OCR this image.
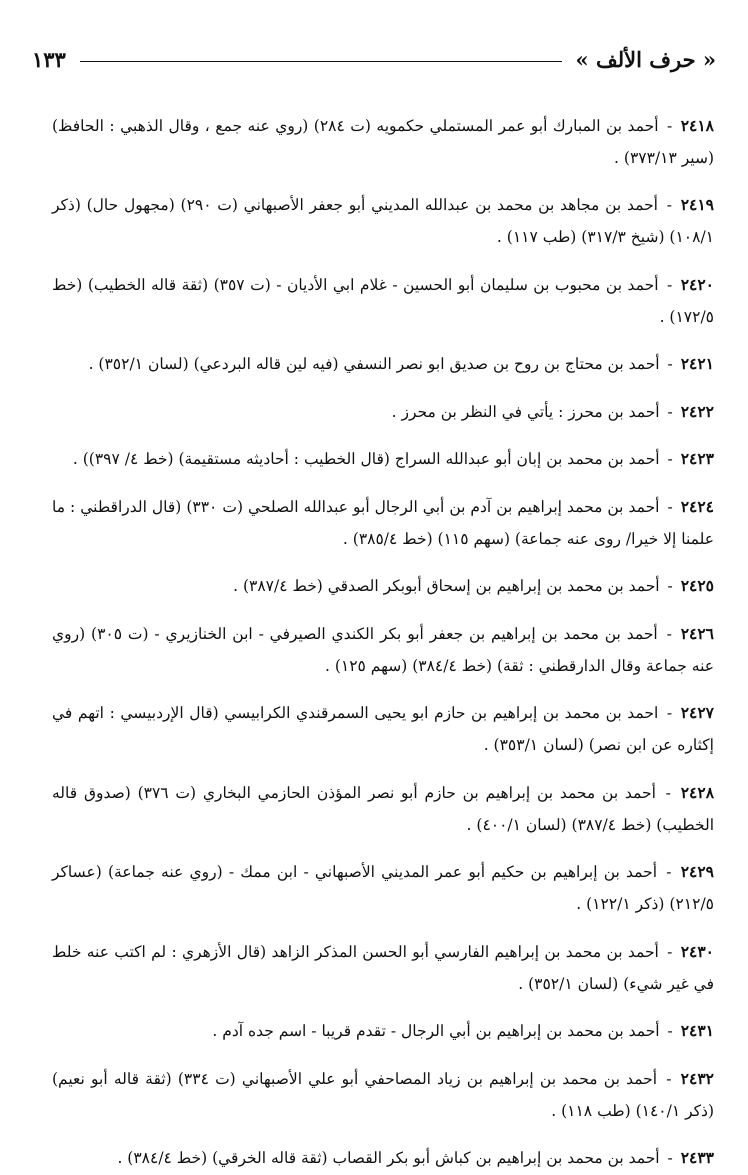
« حرف الألف »
١٣٣

٢٤١٨ - أحمد بن المبارك أبو عمر المستملي حكمويه (ت ٢٨٤) (روي عنه جمع ، وقال الذهبي : الحافظ) (سير ٣٧٣/١٣) .

٢٤١٩ - أحمد بن مجاهد بن محمد بن عبدالله المديني أبو جعفر الأصبهاني (ت ٢٩٠) (مجهول حال) (ذكر ١٠٨/١) (شيخ ٣١٧/٣) (طب ١١٧) .

٢٤٢٠ - أحمد بن محبوب بن سليمان أبو الحسين - غلام ابي الأديان - (ت ٣٥٧) (ثقة قاله الخطيب) (خط ١٧٢/٥) .

٢٤٢١ - أحمد بن محتاج بن روح بن صديق ابو نصر النسفي (فيه لين قاله البردعي) (لسان ٣٥٢/١) .

٢٤٢٢ - أحمد بن محرز : يأتي في النظر بن محرز .

٢٤٢٣ - أحمد بن محمد بن إبان أبو عبدالله السراج (قال الخطيب : أحاديثه مستقيمة) (خط ٤/ ٣٩٧)) .

٢٤٢٤ - أحمد بن محمد إبراهيم بن آدم بن أبي الرجال أبو عبدالله الصلحي (ت ٣٣٠) (قال الدراقطني : ما علمنا إلا خيرا/ روى عنه جماعة) (سهم ١١٥) (خط ٣٨٥/٤) .

٢٤٢٥ - أحمد بن محمد بن إبراهيم بن إسحاق أبوبكر الصدقي (خط ٣٨٧/٤) .

٢٤٢٦ - أحمد بن محمد بن إبراهيم بن جعفر أبو بكر الكندي الصيرفي - ابن الخنازيري - (ت ٣٠٥) (روي عنه جماعة وقال الدارقطني : ثقة) (خط ٣٨٤/٤) (سهم ١٢٥) .

٢٤٢٧ - احمد بن محمد بن إبراهيم بن حازم ابو يحيى السمرقندي الكرابيسي (قال الإردبيسي : اتهم في إكثاره عن ابن نصر) (لسان ٣٥٣/١) .

٢٤٢٨ - أحمد بن محمد بن إبراهيم بن حازم أبو نصر المؤذن الحازمي البخاري (ت ٣٧٦) (صدوق قاله الخطيب) (خط ٣٨٧/٤) (لسان ٤٠٠/١) .

٢٤٢٩ - أحمد بن إبراهيم بن حكيم أبو عمر المديني الأصبهاني - ابن ممك - (روي عنه جماعة) (عساكر ٢١٢/٥) (ذكر ١٢٢/١) .

٢٤٣٠ - أحمد بن محمد بن إبراهيم الفارسي أبو الحسن المذكر الزاهد (قال الأزهري : لم اكتب عنه خلط في غير شيء) (لسان ٣٥٢/١) .

٢٤٣١ - أحمد بن محمد بن إبراهيم بن أبي الرجال - تقدم قريبا - اسم جده آدم .

٢٤٣٢ - أحمد بن محمد بن إبراهيم بن زياد المصاحفي أبو علي الأصبهاني (ت ٣٣٤) (ثقة قاله أبو نعيم) (ذكر ١٤٠/١) (طب ١١٨) .

٢٤٣٣ - أحمد بن محمد بن إبراهيم بن كباش أبو بكر القصاب (ثقة قاله الخرقي) (خط ٣٨٤/٤) .
